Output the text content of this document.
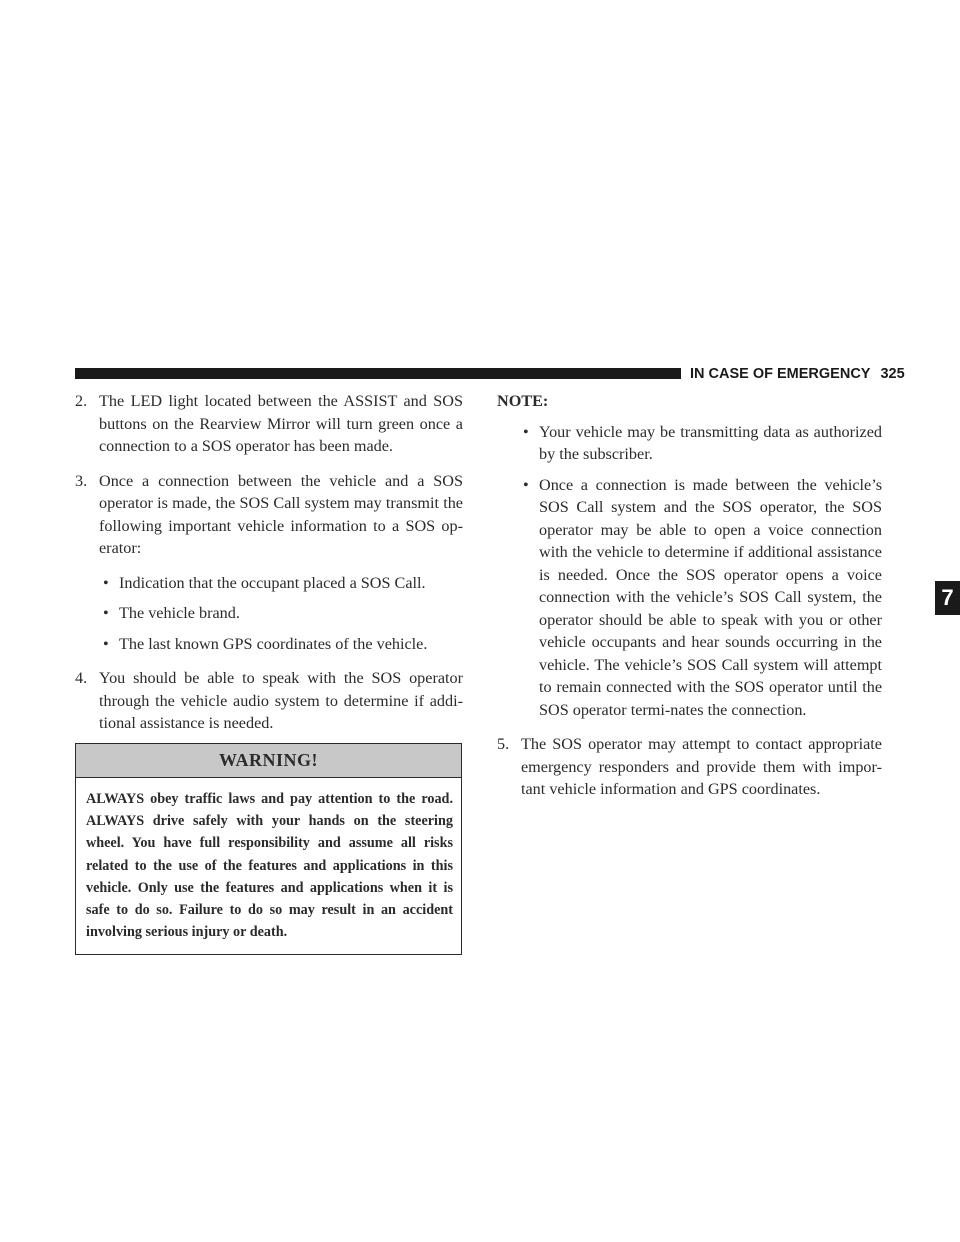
IN CASE OF EMERGENCY 325
7

2. The LED light located between the ASSIST and SOS buttons on the Rearview Mirror will turn green once a connection to a SOS operator has been made.

3. Once a connection between the vehicle and a SOS operator is made, the SOS Call system may transmit the following important vehicle information to a SOS op-erator:

• Indication that the occupant placed a SOS Call.
• The vehicle brand.
• The last known GPS coordinates of the vehicle.

4. You should be able to speak with the SOS operator through the vehicle audio system to determine if addi-tional assistance is needed.

WARNING!
ALWAYS obey traffic laws and pay attention to the road. ALWAYS drive safely with your hands on the steering wheel. You have full responsibility and assume all risks related to the use of the features and applications in this vehicle. Only use the features and applications when it is safe to do so. Failure to do so may result in an accident involving serious injury or death.

NOTE:

• Your vehicle may be transmitting data as authorized by the subscriber.
• Once a connection is made between the vehicle’s SOS Call system and the SOS operator, the SOS operator may be able to open a voice connection with the vehicle to determine if additional assistance is needed. Once the SOS operator opens a voice connection with the vehicle’s SOS Call system, the operator should be able to speak with you or other vehicle occupants and hear sounds occurring in the vehicle. The vehicle’s SOS Call system will attempt to remain connected with the SOS operator until the SOS operator termi-nates the connection.

5. The SOS operator may attempt to contact appropriate emergency responders and provide them with impor-tant vehicle information and GPS coordinates.
